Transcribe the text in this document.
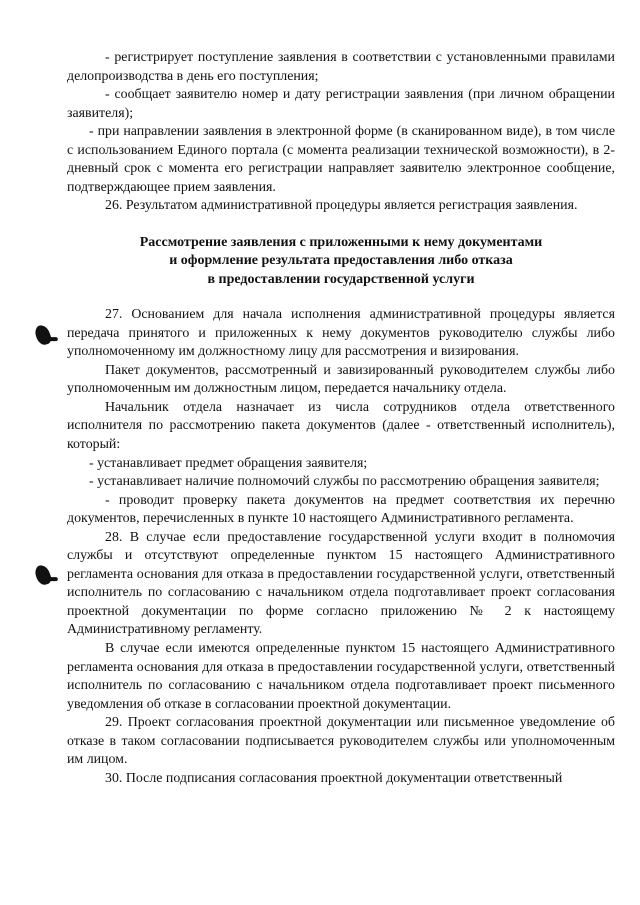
- регистрирует поступление заявления в соответствии с установленными правилами делопроизводства в день его поступления;

- сообщает заявителю номер и дату регистрации заявления (при личном обращении заявителя);

- при направлении заявления в электронной форме (в сканированном виде), в том числе с использованием Единого портала (с момента реализации технической возможности), в 2-дневный срок с момента его регистрации направляет заявителю электронное сообщение, подтверждающее прием заявления.

26. Результатом административной процедуры является регистрация заявления.

Рассмотрение заявления с приложенными к нему документами

и оформление результата предоставления либо отказа

в предоставлении государственной услуги

27. Основанием для начала исполнения административной процедуры является передача принятого и приложенных к нему документов руководителю службы либо уполномоченному им должностному лицу для рассмотрения и визирования.

Пакет документов, рассмотренный и завизированный руководителем службы либо уполномоченным им должностным лицом, передается начальнику отдела.

Начальник отдела назначает из числа сотрудников отдела ответственного исполнителя по рассмотрению пакета документов (далее - ответственный исполнитель), который:

- устанавливает предмет обращения заявителя;

- устанавливает наличие полномочий службы по рассмотрению обращения заявителя;

- проводит проверку пакета документов на предмет соответствия их перечню документов, перечисленных в пункте 10 настоящего Административного регламента.

28. В случае если предоставление государственной услуги входит в полномочия службы и отсутствуют определенные пунктом 15 настоящего Административного регламента основания для отказа в предоставлении государственной услуги, ответственный исполнитель по согласованию с начальником отдела подготавливает проект согласования проектной документации по форме согласно приложению № 2 к настоящему Административному регламенту.

В случае если имеются определенные пунктом 15 настоящего Административного регламента основания для отказа в предоставлении государственной услуги, ответственный исполнитель по согласованию с начальником отдела подготавливает проект письменного уведомления об отказе в согласовании проектной документации.

29. Проект согласования проектной документации или письменное уведомление об отказе в таком согласовании подписывается руководителем службы или уполномоченным им лицом.

30. После подписания согласования проектной документации ответственный
